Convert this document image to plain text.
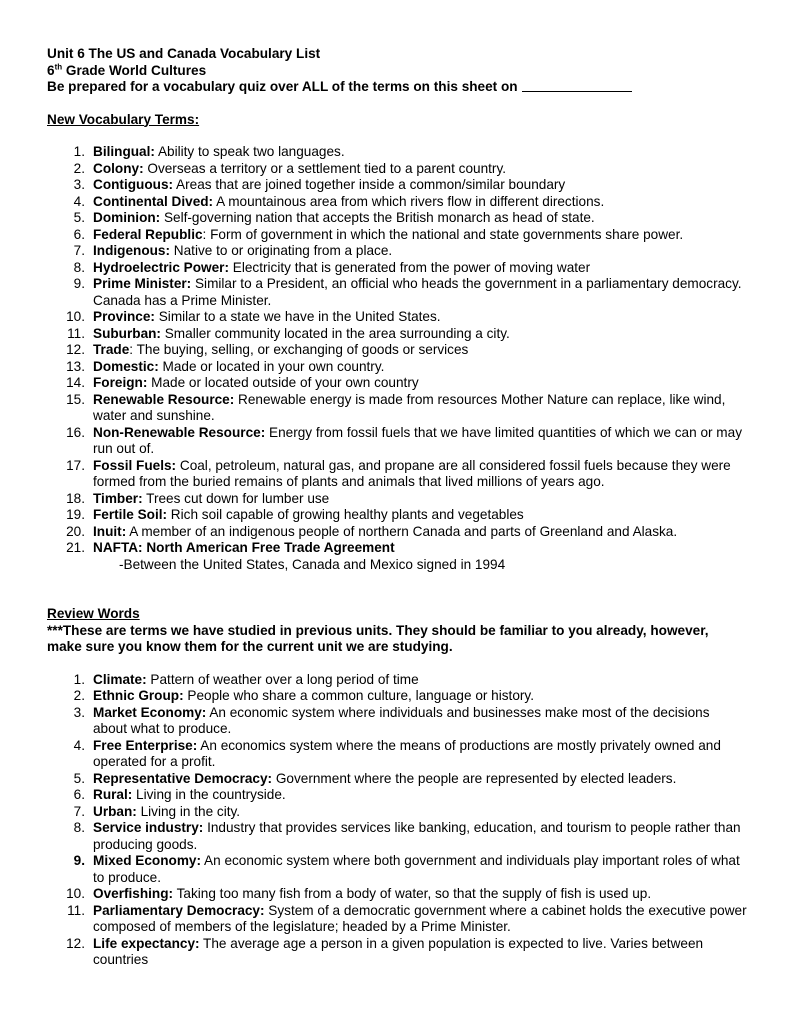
Unit 6 The US and Canada Vocabulary List

6th Grade World Cultures

Be prepared for a vocabulary quiz over ALL of the terms on this sheet on

New Vocabulary Terms:

1. Bilingual: Ability to speak two languages.
2. Colony: Overseas a territory or a settlement tied to a parent country.
3. Contiguous: Areas that are joined together inside a common/similar boundary
4. Continental Dived: A mountainous area from which rivers flow in different directions.
5. Dominion: Self-governing nation that accepts the British monarch as head of state.
6. Federal Republic: Form of government in which the national and state governments share power.
7. Indigenous: Native to or originating from a place.
8. Hydroelectric Power: Electricity that is generated from the power of moving water
9. Prime Minister: Similar to a President, an official who heads the government in a parliamentary democracy. Canada has a Prime Minister.
10. Province: Similar to a state we have in the United States.
11. Suburban: Smaller community located in the area surrounding a city.
12. Trade: The buying, selling, or exchanging of goods or services
13. Domestic: Made or located in your own country.
14. Foreign: Made or located outside of your own country
15. Renewable Resource: Renewable energy is made from resources Mother Nature can replace, like wind, water and sunshine.
16. Non-Renewable Resource: Energy from fossil fuels that we have limited quantities of which we can or may run out of.
17. Fossil Fuels: Coal, petroleum, natural gas, and propane are all considered fossil fuels because they were formed from the buried remains of plants and animals that lived millions of years ago.
18. Timber: Trees cut down for lumber use
19. Fertile Soil: Rich soil capable of growing healthy plants and vegetables
20. Inuit: A member of an indigenous people of northern Canada and parts of Greenland and Alaska.
21. NAFTA: North American Free Trade Agreement
-Between the United States, Canada and Mexico signed in 1994

Review Words

***These are terms we have studied in previous units. They should be familiar to you already, however, make sure you know them for the current unit we are studying.

1. Climate: Pattern of weather over a long period of time
2. Ethnic Group: People who share a common culture, language or history.
3. Market Economy: An economic system where individuals and businesses make most of the decisions about what to produce.
4. Free Enterprise: An economics system where the means of productions are mostly privately owned and operated for a profit.
5. Representative Democracy: Government where the people are represented by elected leaders.
6. Rural: Living in the countryside.
7. Urban: Living in the city.
8. Service industry: Industry that provides services like banking, education, and tourism to people rather than producing goods.
9. Mixed Economy: An economic system where both government and individuals play important roles of what to produce.
10. Overfishing: Taking too many fish from a body of water, so that the supply of fish is used up.
11. Parliamentary Democracy: System of a democratic government where a cabinet holds the executive power composed of members of the legislature; headed by a Prime Minister.
12. Life expectancy: The average age a person in a given population is expected to live. Varies between countries
